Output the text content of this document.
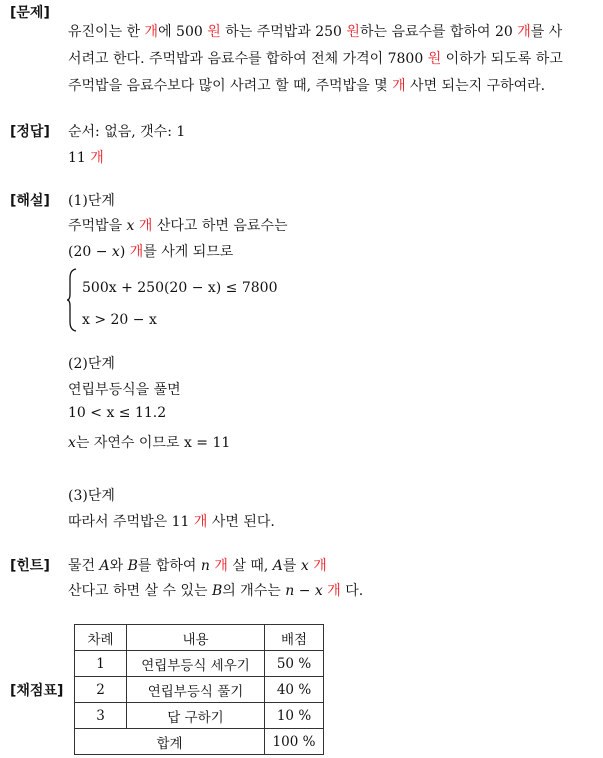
[문제]
유진이는 한 개에 500 원 하는 주먹밥과 250 원하는 음료수를 합하여 20 개를 사
서려고 한다. 주먹밥과 음료수를 합하여 전체 가격이 7800 원 이하가 되도록 하고
주먹밥을 음료수보다 많이 사려고 할 때, 주먹밥을 몇 개 사면 되는지 구하여라.
[정답] 순서: 없음, 갯수: 1
11 개
[해설] (1)단계
주먹밥을 x 개 산다고 하면 음료수는
(20 − x) 개를 사게 되므로
500x + 250(20 − x) ≤ 7800
x > 20 − x
(2)단계
연립부등식을 풀면
10 < x ≤ 11.2
x는 자연수 이므로 x = 11
(3)단계
따라서 주먹밥은 11 개 사면 된다.
[힌트] 물건 A와 B를 합하여 n 개 살 때, A를 x 개
산다고 하면 살 수 있는 B의 개수는 n − x 개 다.
[채점표]
차례	내용	배점
1	연립부등식 세우기	50 %
2	연립부등식 풀기	40 %
3	답 구하기	10 %
합계		100 %
